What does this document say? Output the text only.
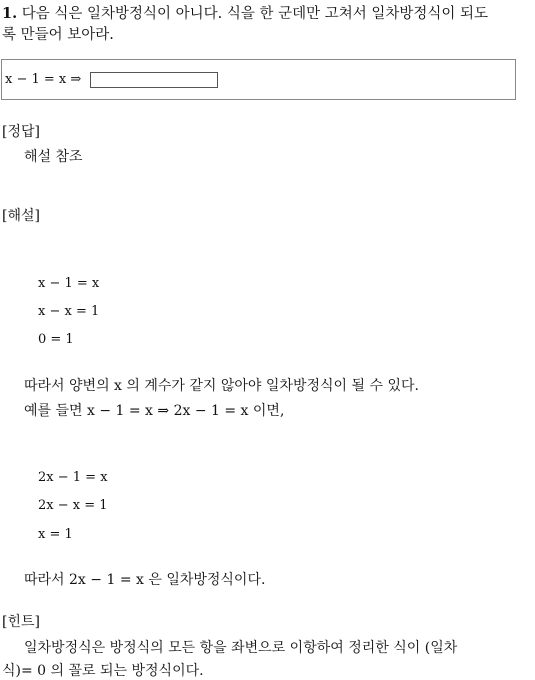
1. 다음 식은 일차방정식이 아니다. 식을 한 군데만 고쳐서 일차방정식이 되도
록 만들어 보아라.
x − 1 = x ⇒
[정답]
해설 참조
[해설]
x − 1 = x
x − x = 1
0 = 1
따라서 양변의 x 의 계수가 같지 않아야 일차방정식이 될 수 있다.
예를 들면 x − 1 = x ⇒ 2x − 1 = x 이면,
2x − 1 = x
2x − x = 1
x = 1
따라서 2x − 1 = x 은 일차방정식이다.
[힌트]
일차방정식은 방정식의 모든 항을 좌변으로 이항하여 정리한 식이 (일차
식)= 0 의 꼴로 되는 방정식이다.
